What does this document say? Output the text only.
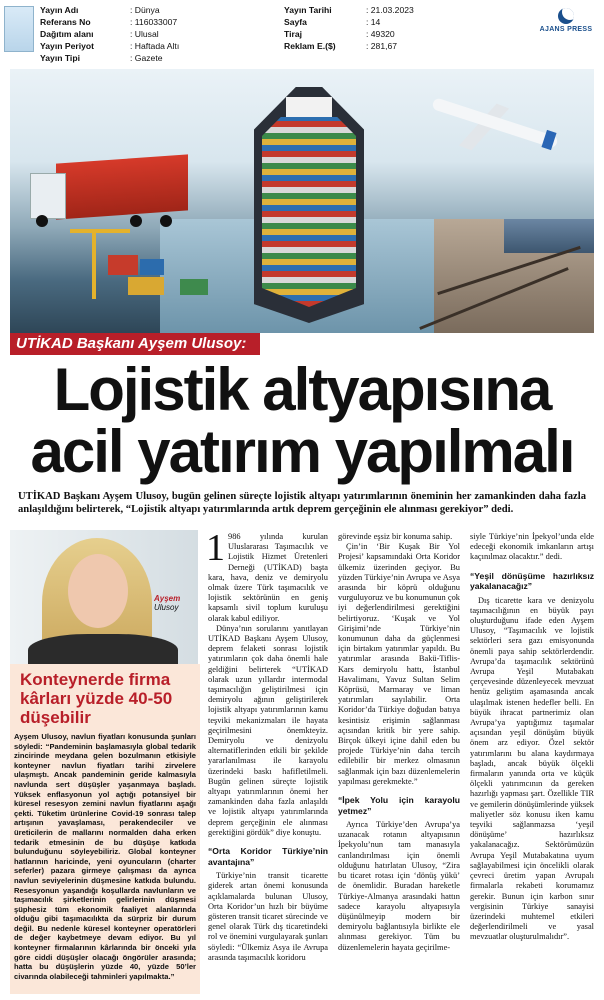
Yayın Adı	: Dünya
Referans No	: 116033007
Dağıtım alanı	: Ulusal
Yayın Periyot	: Haftada Altı
Yayın Tipi	: Gazete
Yayın Tarihi	: 21.03.2023
Sayfa	: 14
Tiraj	: 49320
Reklam E.($)	: 281,67
AJANS PRESS
UTİKAD Başkanı Ayşem Ulusoy:
Lojistik altyapısına
acil yatırım yapılmalı
UTİKAD Başkanı Ayşem Ulusoy, bugün gelinen süreçte lojistik altyapı yatırımlarının öneminin her zamankinden daha fazla anlaşıldığını belirterek, “Lojistik altyapı yatırımlarında artık deprem gerçeğinin ele alınması gerekiyor” dedi.
Ayşem
Ulusoy
Konteynerde firma kârları yüzde 40-50 düşebilir
Ayşem Ulusoy, navlun fiyatları konusunda şunları söyledi: “Pandeminin başlamasıyla global tedarik zincirinde meydana gelen bozulmanın etkisiyle konteyner navlun fiyatları tarihi zirvelere ulaşmıştı. Ancak pandeminin geride kalmasıyla navlunda sert düşüşler yaşanmaya başladı. Yüksek enflasyonun yol açtığı potansiyel bir küresel resesyon zemini navlun fiyatlarını aşağı çekti. Tüketim ürünlerine Covid-19 sonrası talep artışının yavaşlaması, perakendeciler ve üreticilerin de mallarını normalden daha erken tedarik etmesinin de bu düşüşe katkıda bulunduğunu söyleyebiliriz. Global konteyner hatlarının haricinde, yeni oyuncuların (charter seferler) pazara girmeye çalışması da ayrıca navlun seviyelerinin düşmesine katkıda bulundu. Resesyonun yaşandığı koşullarda navlunların ve taşımacılık şirketlerinin gelirlerinin düşmesi şüphesiz tüm ekonomik faaliyet alanlarında olduğu gibi taşımacılıkta da sürpriz bir durum değil. Bu nedenle küresel konteyner operatörleri de değer kaybetmeye devam ediyor. Bu yıl konteyner firmalarının kârlarında bir önceki yıla göre ciddi düşüşler olacağı öngörüler arasında; hatta bu düşüşlerin yüzde 40, yüzde 50’ler civarında olabileceği tahminleri yapılmakta.”

1 986 yılında kurulan Uluslararası Taşımacılık ve Lojistik Hizmet Üretenleri Derneği (UTİKAD) başta kara, hava, deniz ve demiryolu olmak üzere Türk taşımacılık ve lojistik sektörünün en geniş kapsamlı sivil toplum kuruluşu olarak kabul ediliyor.

Dünya’nın sorularını yanıtlayan UTİKAD Başkanı Ayşem Ulusoy, deprem felaketi sonrası lojistik yatırımların çok daha önemli hale geldiğini belirterek “UTİKAD olarak uzun yıllardır intermodal taşımacılığın geliştirilmesi için demiryolu ağının geliştirilerek lojistik altyapı yatırımlarının kamu teşviki mekanizmaları ile hayata geçirilmesini önemkteyiz. Demiryolu ve denizyolu alternatiflerinden etkili bir şekilde yararlanılması ile karayolu üzerindeki baskı hafifletilmeli. Bugün gelinen süreçte lojistik altyapı yatırımlarının önemi her zamankinden daha fazla anlaşıldı ve lojistik altyapı yatırımlarında deprem gerçeğinin ele alınması gerektiğini gördük” diye konuştu.

“Orta Koridor Türkiye’nin avantajına”

Türkiye’nin transit ticarette giderek artan önemi konusunda açıklamalarda bulunan Ulusoy, Orta Koridor’un hızlı bir büyüme gösteren transit ticaret sürecinde ve genel olarak Türk dış ticaretindeki rol ve önemini vurgulayarak şunları söyledi: “Ülkemiz Asya ile Avrupa arasında taşımacılık koridoru

görevinde eşsiz bir konuma sahip.

Çin’in ‘Bir Kuşak Bir Yol Projesi’ kapsamındaki Orta Koridor ülkemiz üzerinden geçiyor. Bu yüzden Türkiye’nin Avrupa ve Asya arasında bir köprü olduğunu vurguluyoruz ve bu konumunun çok iyi değerlendirilmesi gerektiğini belirtiyoruz. ‘Kuşak ve Yol Girişimi’nde Türkiye’nin konumunun daha da güçlenmesi için birtakım yatırımlar yapıldı. Bu yatırımlar arasında Bakü-Tiflis-Kars demiryolu hattı, İstanbul Havalimanı, Yavuz Sultan Selim Köprüsü, Marmaray ve liman yatırımları sayılabilir. Orta Koridor’da Türkiye doğudan batıya kesintisiz erişimin sağlanması açısından kritik bir yere sahip. Birçok ülkeyi içine dahil eden bu projede Türkiye’nin daha tercih edilebilir bir merkez olmasının sağlanmak için bazı düzenlemelerin yapılması gerekmekte.”

“İpek Yolu için karayolu yetmez”

Ayrıca Türkiye’den Avrupa’ya uzanacak rotanın altyapısının İpekyolu’nun tam manasıyla canlandırılması için önemli olduğunu hatırlatan Ulusoy, “Zira bu ticaret rotası için ‘dönüş yükü’ de önemlidir. Buradan hareketle Türkiye-Almanya arasındaki hattın sadece karayolu altyapısıyla düşünülmeyip modern bir demiryolu bağlantısıyla birlikte ele alınması gerekiyor. Tüm bu düzenlemelerin hayata geçirilme-

siyle Türkiye’nin İpekyol’unda elde edeceği ekonomik imkanların artışı kaçınılmaz olacaktır.” dedi.

“Yeşil dönüşüme hazırlıksız yakalanacağız”

Dış ticarette kara ve denizyolu taşımacılığının en büyük payı oluşturduğunu ifade eden Ayşem Ulusoy, “Taşımacılık ve lojistik sektörleri sera gazı emisyonunda önemli paya sahip sektörlerdendir. Avrupa’da taşımacılık sektörünü Avrupa Yeşil Mutabakatı çerçevesinde düzenleyecek mevzuat henüz geliştim aşamasında ancak ulaşılmak istenen hedefler belli. En büyük ihracat partnerimiz olan Avrupa’ya yaptığımız taşımalar açısından yeşil dönüşüm büyük önem arz ediyor. Özel sektör yatırımlarını bu alana kaydırmaya başladı, ancak büyük ölçekli firmaların yanında orta ve küçük ölçekli yatırımcının da gereken hazırlığı yapması şart. Özellikle TIR ve gemilerin dönüşümlerinde yüksek maliyetler söz konusu iken kamu teşviki sağlanmazsa ‘yeşil dönüşüme’ hazırlıksız yakalanacağız. Sektörümüzün Avrupa Yeşil Mutabakatına uyum sağlayabilmesi için öncelikli olarak çevreci üretim yapan Avrupalı firmalarla rekabeti korumamız gerekir. Bunun için karbon sınır vergisinin Türkiye sanayisi üzerindeki muhtemel etkileri değerlendirilmeli ve yasal mevzuatlar oluşturulmalıdır”.
